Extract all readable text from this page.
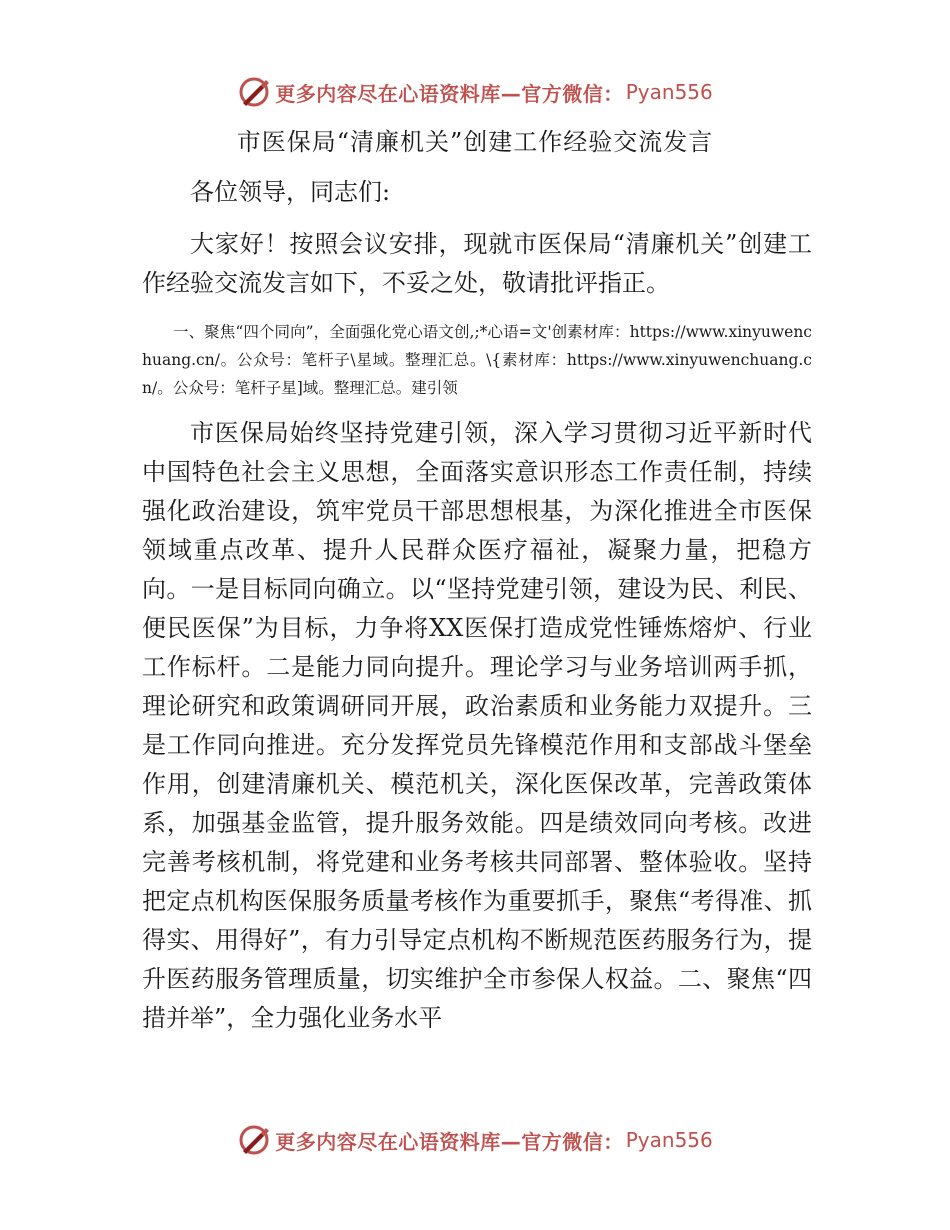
更多内容尽在心语资料库—官方微信： Pyan556
市医保局“清廉机关”创建工作经验交流发言
各位领导，同志们:

大家好！按照会议安排，现就市医保局“清廉机关”创建工作经验交流发言如下，不妥之处，敬请批评指正。

一、聚焦“四个同向”，全面强化党心语文创,;*心语=文'创素材库：https://www.xinyuwenchuang.cn/。公众号：笔杆子\星域。整理汇总。\{素材库：https://www.xinyuwenchuang.cn/。公众号：笔杆子星]域。整理汇总。建引领

市医保局始终坚持党建引领，深入学习贯彻习近平新时代中国特色社会主义思想，全面落实意识形态工作责任制，持续强化政治建设，筑牢党员干部思想根基，为深化推进全市医保领域重点改革、提升人民群众医疗福祉，凝聚力量，把稳方向。一是目标同向确立。以“坚持党建引领，建设为民、利民、便民医保”为目标，力争将XX医保打造成党性锤炼熔炉、行业工作标杆。二是能力同向提升。理论学习与业务培训两手抓，理论研究和政策调研同开展，政治素质和业务能力双提升。三是工作同向推进。充分发挥党员先锋模范作用和支部战斗堡垒作用，创建清廉机关、模范机关，深化医保改革，完善政策体系，加强基金监管，提升服务效能。四是绩效同向考核。改进完善考核机制，将党建和业务考核共同部署、整体验收。坚持把定点机构医保服务质量考核作为重要抓手，聚焦“考得准、抓得实、用得好”，有力引导定点机构不断规范医药服务行为，提升医药服务管理质量，切实维护全市参保人权益。二、聚焦“四措并举”，全力强化业务水平

更多内容尽在心语资料库—官方微信： Pyan556
